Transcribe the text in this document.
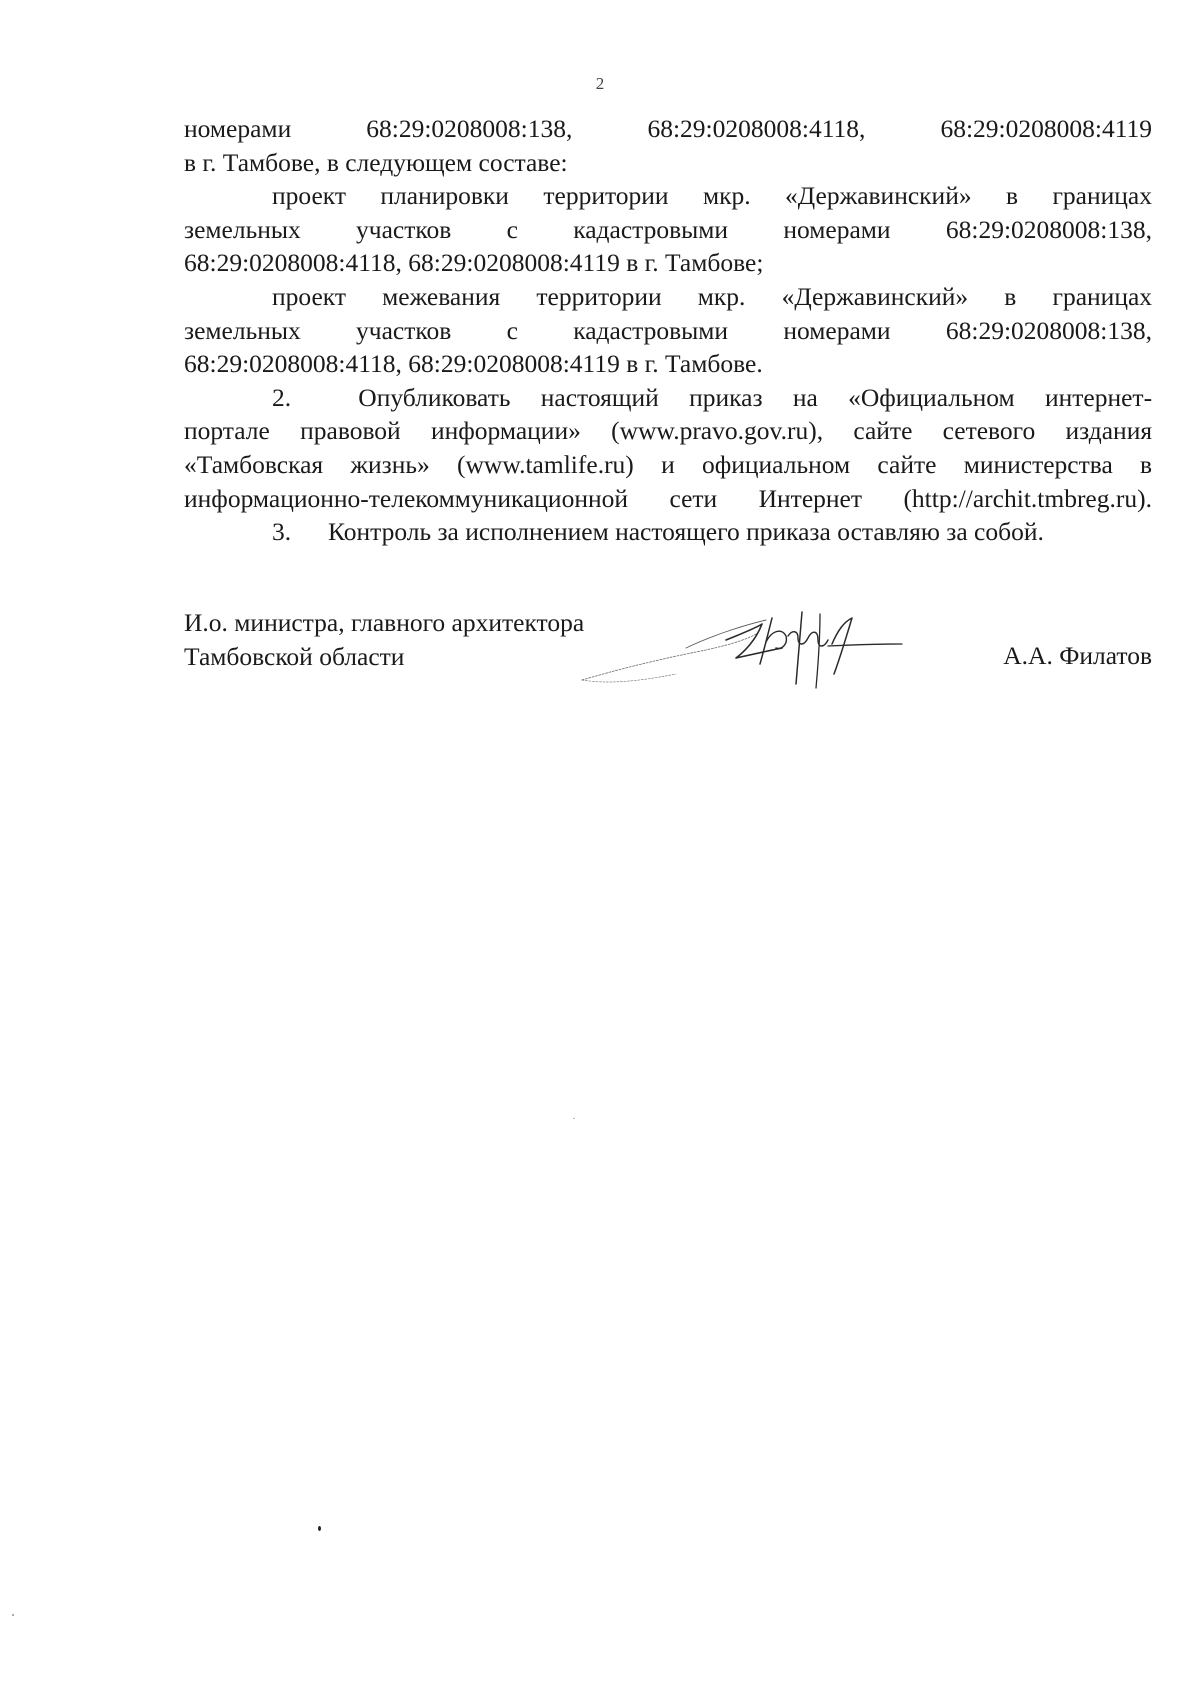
2
номерами	68:29:0208008:138,	68:29:0208008:4118,	68:29:0208008:4119
в г. Тамбове, в следующем составе:
проект планировки территории мкр. «Державинский» в границах
земельных участков с кадастровыми номерами 68:29:0208008:138,
68:29:0208008:4118, 68:29:0208008:4119 в г. Тамбове;
проект межевания территории мкр. «Державинский» в границах
земельных участков с кадастровыми номерами 68:29:0208008:138,
68:29:0208008:4118, 68:29:0208008:4119 в г. Тамбове.
2.	Опубликовать настоящий приказ на «Официальном интернет-
портале правовой информации» (www.pravo.gov.ru), сайте сетевого издания
«Тамбовская жизнь» (www.tamlife.ru) и официальном сайте министерства в
информационно-телекоммуникационной сети Интернет (http://archit.tmbreg.ru).
3. Контроль за исполнением настоящего приказа оставляю за собой.
И.о. министра, главного архитектора
Тамбовской области	А.А. Филатов
